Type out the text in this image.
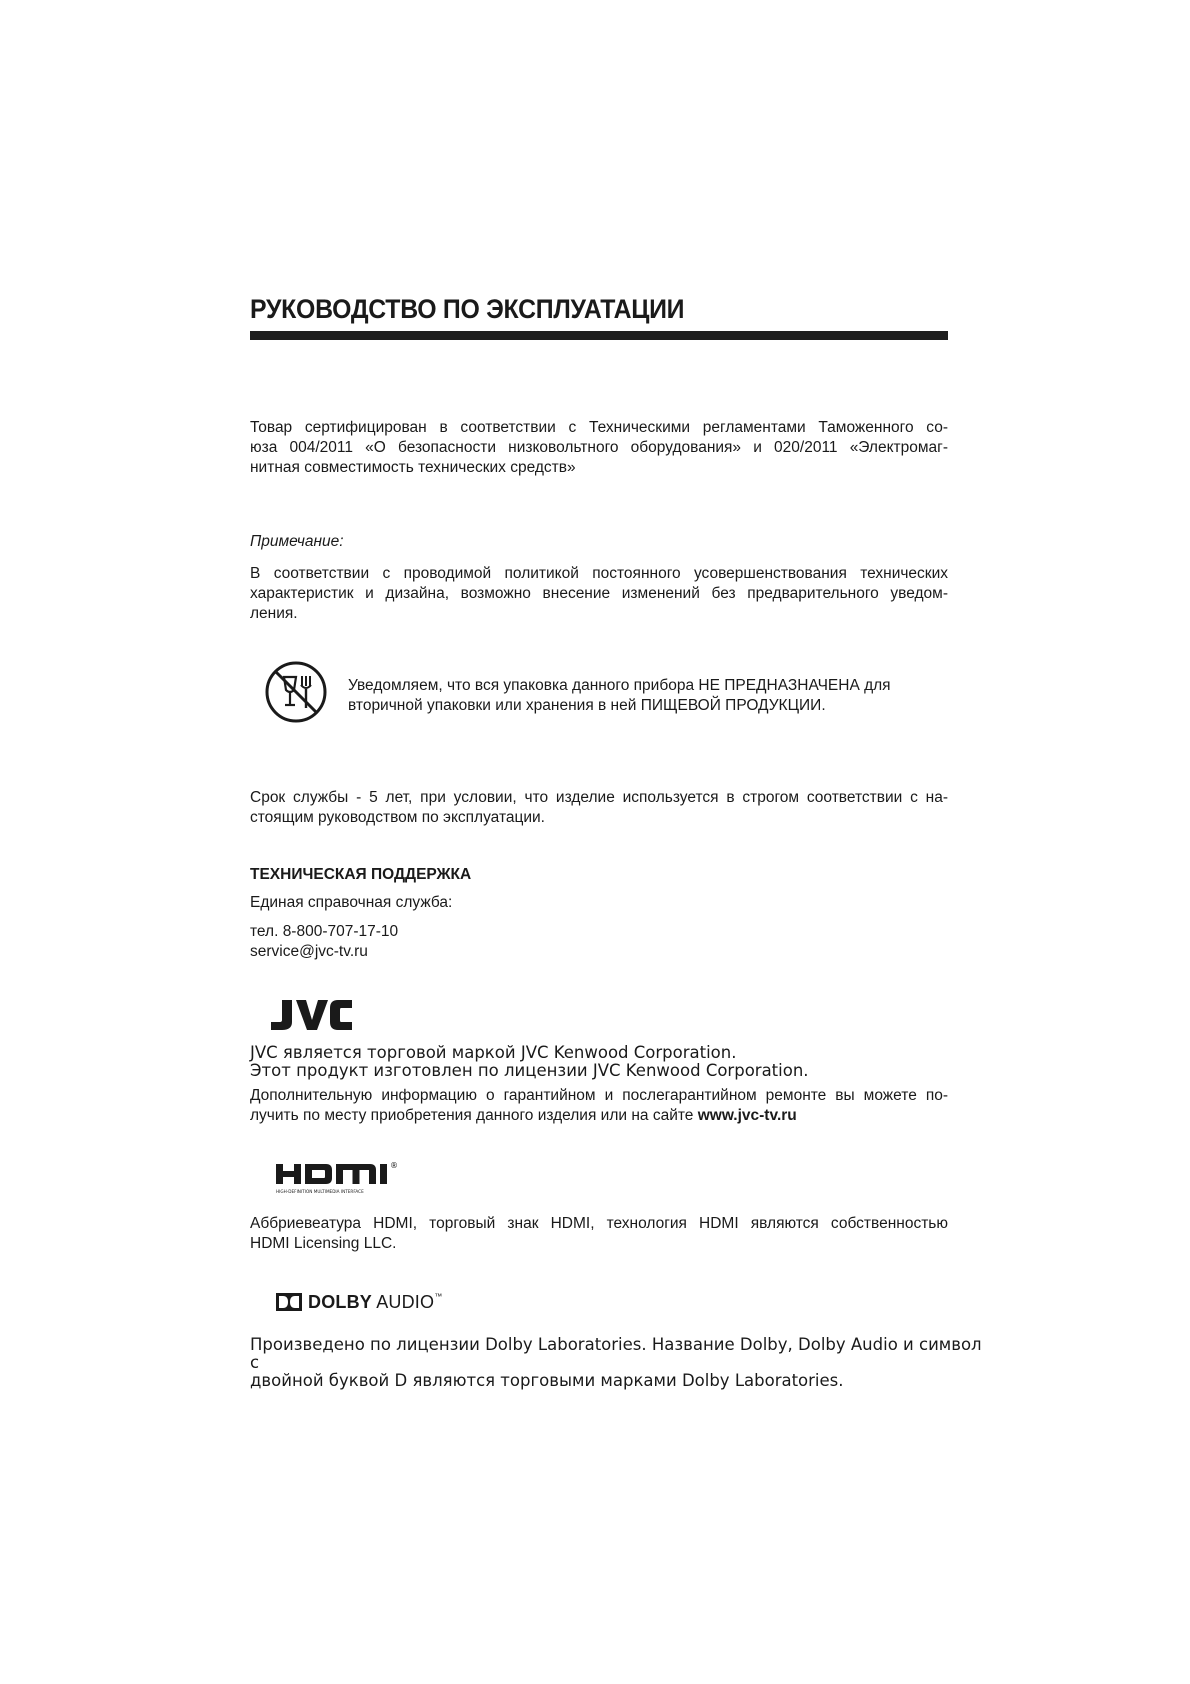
РУКОВОДСТВО ПО ЭКСПЛУАТАЦИИ

Товар сертифицирован в соответствии с Техническими регламентами Таможенного со-

юза 004/2011 «О безопасности низковольтного оборудования» и 020/2011 «Электромаг-

нитная совместимость технических средств»

Примечание:

В соответствии с проводимой политикой постоянного усовершенствования технических

характеристик и дизайна, возможно внесение изменений без предварительного уведом-

ления.

Уведомляем, что вся упаковка данного прибора НЕ ПРЕДНАЗНАЧЕНА для
вторичной упаковки или хранения в ней ПИЩЕВОЙ ПРОДУКЦИИ.

Срок службы - 5 лет, при условии, что изделие используется в строгом соответствии с на-

стоящим руководством по эксплуатации.

ТЕХНИЧЕСКАЯ ПОДДЕРЖКА
Единая справочная служба:
тел. 8-800-707-17-10
service@jvc-tv.ru
JVC является торговой маркой JVC Kenwood Corporation.
Этот продукт изготовлен по лицензии JVC Kenwood Corporation.

Дополнительную информацию о гарантийном и послегарантийном ремонте вы можете по-

лучить по месту приобретения данного изделия или на сайте www.jvc-tv.ru

®
HIGH-DEFINITION MULTIMEDIA INTERFACE

Аббриевеатура HDMI, торговый знак HDMI, технология HDMI являются собственностью

HDMI Licensing LLC.

DOLBY AUDIO™
Произведено по лицензии Dolby Laboratories. Название Dolby, Dolby Audio и символ с
двойной буквой D являются торговыми марками Dolby Laboratories.
